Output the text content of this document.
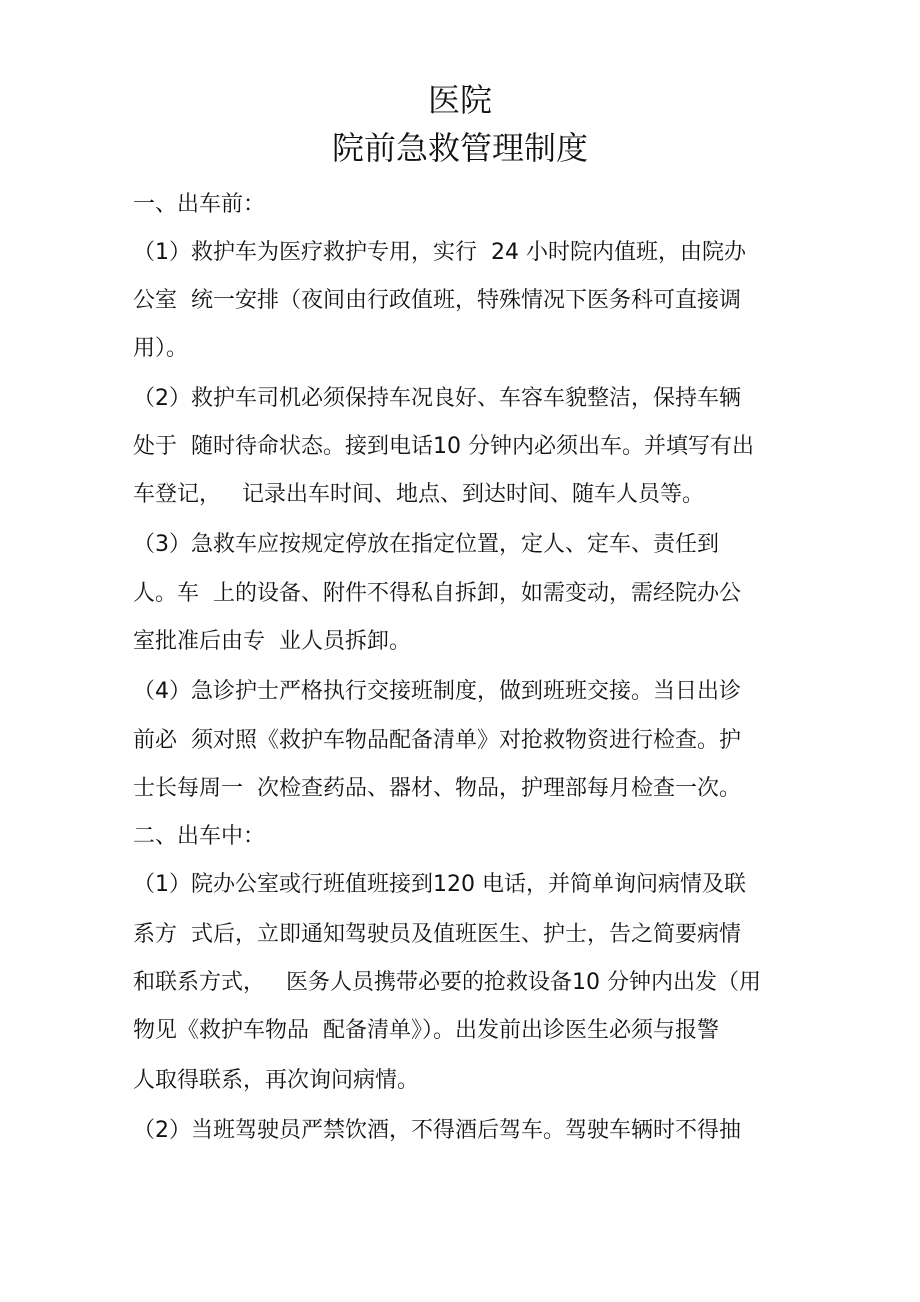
医院
院前急救管理制度
一、出车前：
（1）救护车为医疗救护专用，实行  24 小时院内值班，由院办
公室  统一安排（夜间由行政值班，特殊情况下医务科可直接调
用）。
（2）救护车司机必须保持车况良好、车容车貌整洁，保持车辆
处于  随时待命状态。接到电话10 分钟内必须出车。并填写有出
车登记，   记录出车时间、地点、到达时间、随车人员等。
（3）急救车应按规定停放在指定位置，定人、定车、责任到
人。车  上的设备、附件不得私自拆卸，如需变动，需经院办公
室批准后由专  业人员拆卸。
（4）急诊护士严格执行交接班制度，做到班班交接。当日出诊
前必  须对照《救护车物品配备清单》对抢救物资进行检查。护
士长每周一  次检查药品、器材、物品，护理部每月检查一次。
二、出车中：
（1）院办公室或行班值班接到120 电话，并简单询问病情及联
系方  式后，立即通知驾驶员及值班医生、护士，告之简要病情
和联系方式，   医务人员携带必要的抢救设备10 分钟内出发（用
物见《救护车物品  配备清单》）。出发前出诊医生必须与报警
人取得联系，再次询问病情。
（2）当班驾驶员严禁饮酒，不得酒后驾车。驾驶车辆时不得抽
